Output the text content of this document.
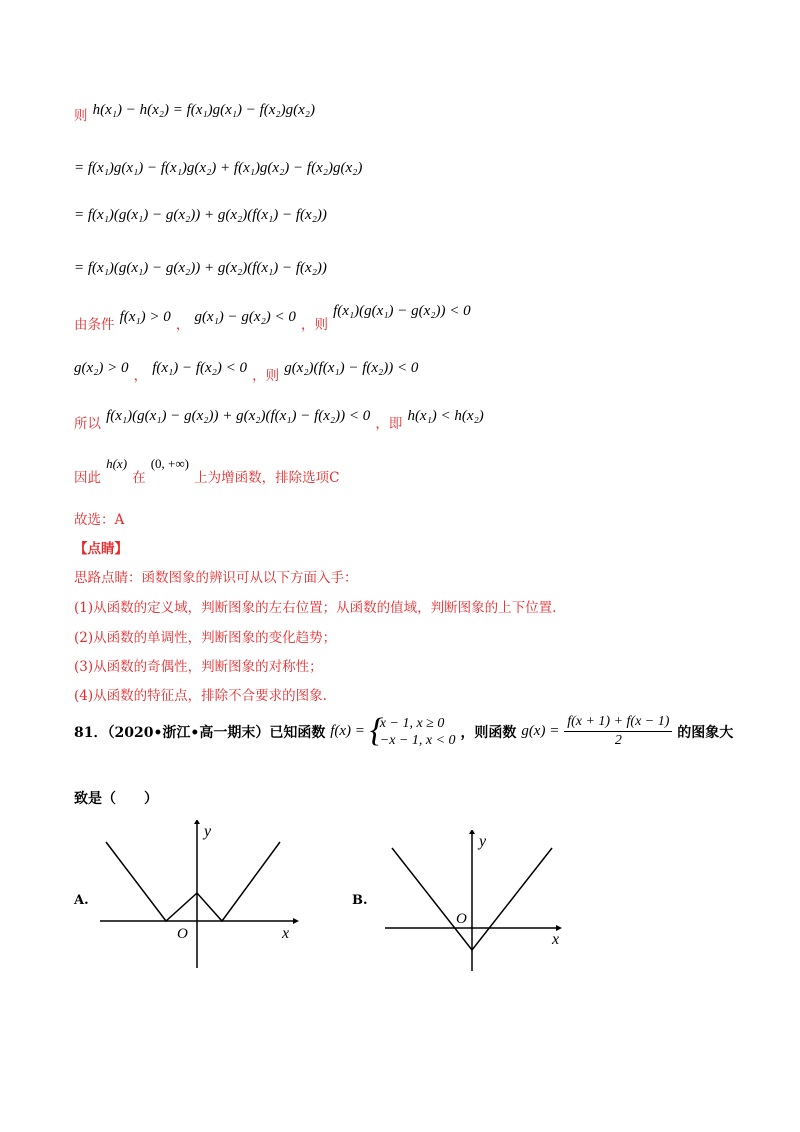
$_则$ h(x₁) − h(x₂) = f(x₁)g(x₁) − f(x₂)g(x₂)
= f(x₁)g(x₁) − f(x₁)g(x₂) + f(x₁)g(x₂) − f(x₂)g(x₂)
= f(x₁)(g(x₁) − g(x₂)) + g(x₂)(f(x₁) − f(x₂))
= f(x₁)(g(x₁) − g(x₂)) + g(x₂)(f(x₁) − f(x₂))
$_{由条件}$ f(x₁) > 0 $_,$ g(x₁) − g(x₂) < 0 $_{,则}$ f(x₁)(g(x₁) − g(x₂)) < 0
g(x₂) > 0 $_,$ f(x₁) − f(x₂) < 0 $_{,则}$ g(x₂)(f(x₁) − f(x₂)) < 0
$_{所以}$ f(x₁)(g(x₁) − g(x₂)) + g(x₂)(f(x₁) − f(x₂)) < 0 $_{,即}$ h(x₁) < h(x₂)
$_{因此}$ h(x) $_在$ (0, +∞) $_{上为增函数,排除选项C}$
故选：A
【点睛】
思路点睛：函数图象的辨识可从以下方面入手：
(1)从函数的定义域，判断图象的左右位置；从函数的值域，判断图象的上下位置.
(2)从函数的单调性，判断图象的变化趋势；
(3)从函数的奇偶性，判断图象的对称性；
(4)从函数的特征点，排除不合要求的图象.
81．（2020•浙江•高一期末）已知函数 f(x) = {
x − 1, x ≥ 0
−x − 1, x < 0 ，则函数 $g(x) = \frac{f(x + 1) + f(x - 1)}{2}$ 的图象大
致是（　　）
A.
y
x
O
B.
y
x
O
